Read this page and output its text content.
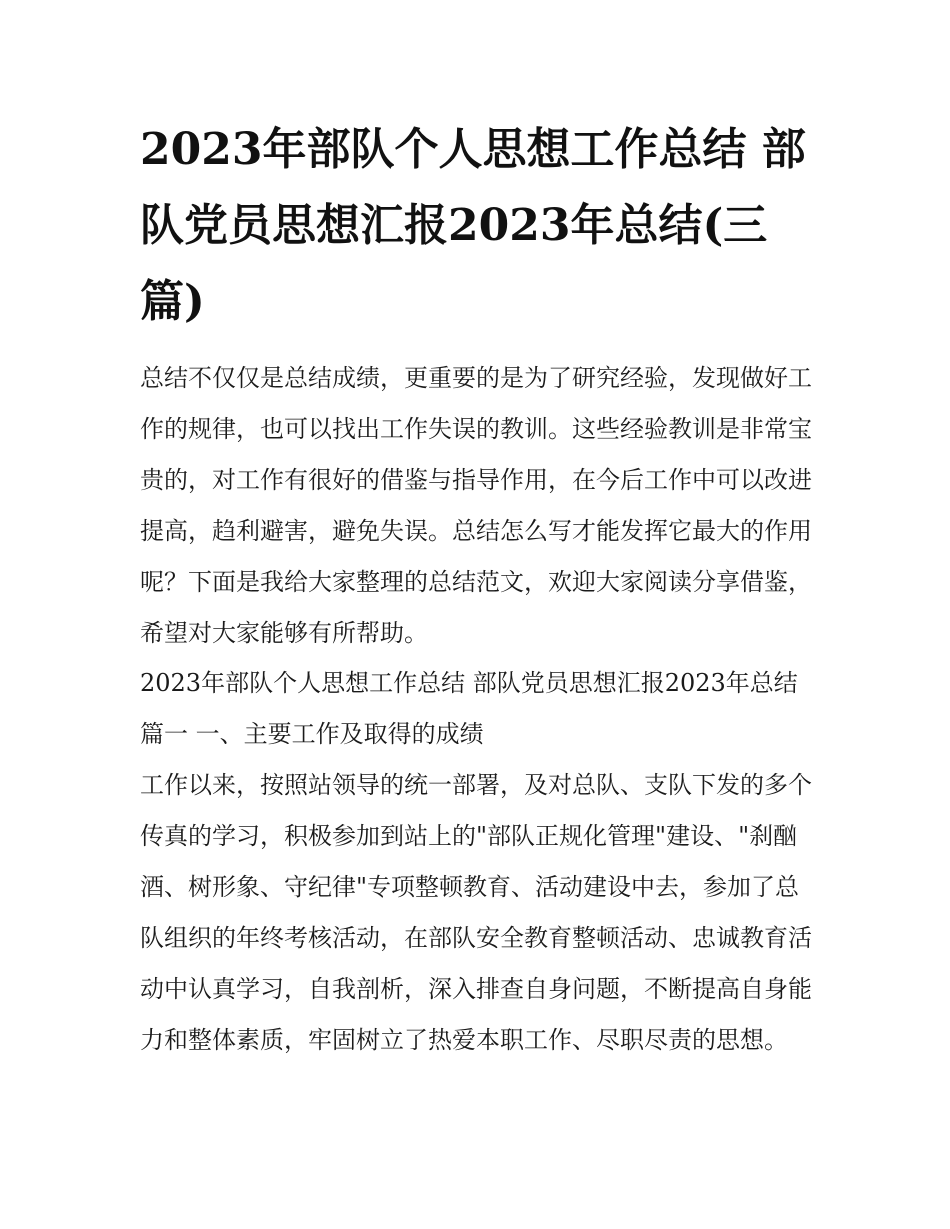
2023年部队个人思想工作总结 部队党员思想汇报2023年总结(三篇)

总结不仅仅是总结成绩，更重要的是为了研究经验，发现做好工作的规律，也可以找出工作失误的教训。这些经验教训是非常宝贵的，对工作有很好的借鉴与指导作用，在今后工作中可以改进提高，趋利避害，避免失误。总结怎么写才能发挥它最大的作用呢？下面是我给大家整理的总结范文，欢迎大家阅读分享借鉴，希望对大家能够有所帮助。

2023年部队个人思想工作总结 部队党员思想汇报2023年总结篇一 一、主要工作及取得的成绩

工作以来，按照站领导的统一部署，及对总队、支队下发的多个传真的学习，积极参加到站上的"部队正规化管理"建设、"刹酗酒、树形象、守纪律"专项整顿教育、活动建设中去，参加了总队组织的年终考核活动，在部队安全教育整顿活动、忠诚教育活动中认真学习，自我剖析，深入排查自身问题，不断提高自身能力和整体素质，牢固树立了热爱本职工作、尽职尽责的思想。
